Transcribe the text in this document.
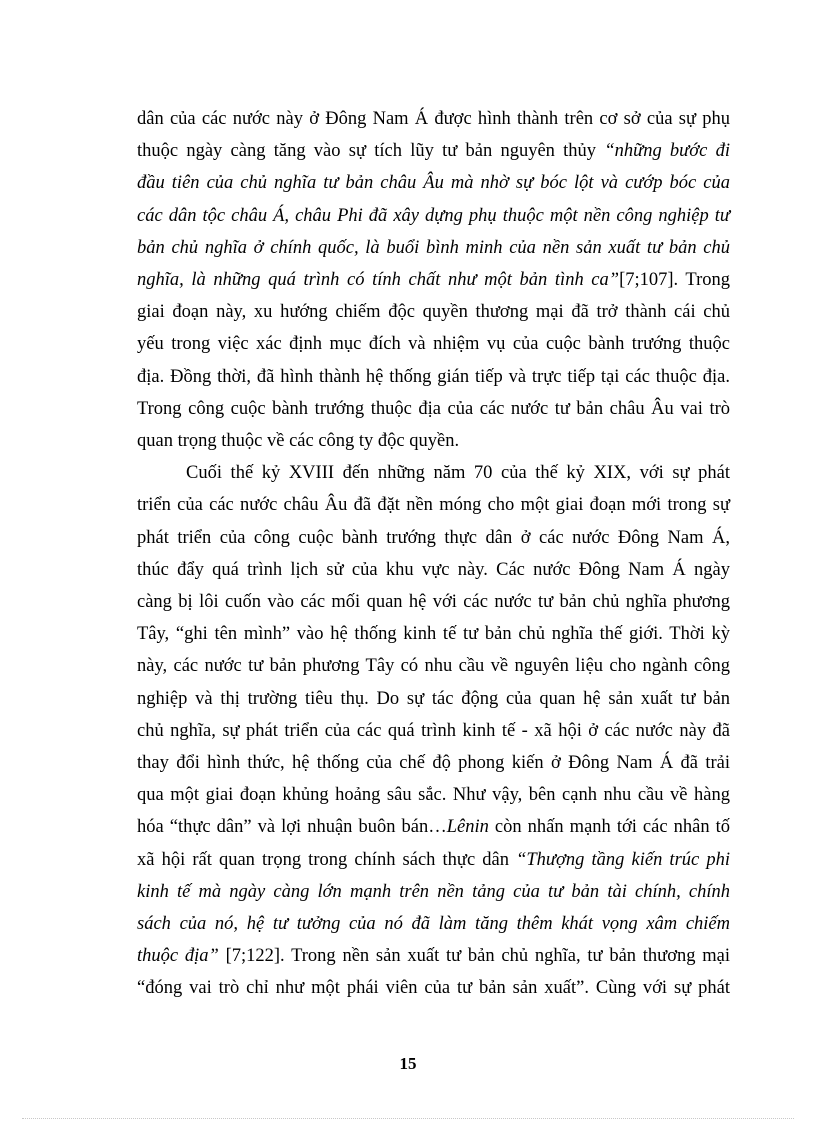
dân của các nước này ở Đông Nam Á được hình thành trên cơ sở của sự phụ
thuộc ngày càng tăng vào sự tích lũy tư bản nguyên thủy “những bước đi
đầu tiên của chủ nghĩa tư bản châu Âu mà nhờ sự bóc lột và cướp bóc của
các dân tộc châu Á, châu Phi đã xây dựng phụ thuộc một nền công nghiệp tư
bản chủ nghĩa ở chính quốc, là buổi bình minh của nền sản xuất tư bản chủ
nghĩa, là những quá trình có tính chất như một bản tình ca”[7;107]. Trong
giai đoạn này, xu hướng chiếm độc quyền thương mại đã trở thành cái chủ
yếu trong việc xác định mục đích và nhiệm vụ của cuộc bành trướng thuộc
địa. Đồng thời, đã hình thành hệ thống gián tiếp và trực tiếp tại các thuộc địa.
Trong công cuộc bành trướng thuộc địa của các nước tư bản châu Âu vai trò
quan trọng thuộc về các công ty độc quyền.
Cuối thế kỷ XVIII đến những năm 70 của thế kỷ XIX, với sự phát
triển của các nước châu Âu đã đặt nền móng cho một giai đoạn mới trong sự
phát triển của công cuộc bành trướng thực dân ở các nước Đông Nam Á,
thúc đẩy quá trình lịch sử của khu vực này. Các nước Đông Nam Á ngày
càng bị lôi cuốn vào các mối quan hệ với các nước tư bản chủ nghĩa phương
Tây, “ghi tên mình” vào hệ thống kinh tế tư bản chủ nghĩa thế giới. Thời kỳ
này, các nước tư bản phương Tây có nhu cầu về nguyên liệu cho ngành công
nghiệp và thị trường tiêu thụ. Do sự tác động của quan hệ sản xuất tư bản
chủ nghĩa, sự phát triển của các quá trình kinh tế - xã hội ở các nước này đã
thay đổi hình thức, hệ thống của chế độ phong kiến ở Đông Nam Á đã trải
qua một giai đoạn khủng hoảng sâu sắc. Như vậy, bên cạnh nhu cầu về hàng
hóa “thực dân” và lợi nhuận buôn bán…Lênin còn nhấn mạnh tới các nhân tố
xã hội rất quan trọng trong chính sách thực dân “Thượng tầng kiến trúc phi
kinh tế mà ngày càng lớn mạnh trên nền tảng của tư bản tài chính, chính
sách của nó, hệ tư tưởng của nó đã làm tăng thêm khát vọng xâm chiếm
thuộc địa” [7;122]. Trong nền sản xuất tư bản chủ nghĩa, tư bản thương mại
“đóng vai trò chỉ như một phái viên của tư bản sản xuất”. Cùng với sự phát
15
